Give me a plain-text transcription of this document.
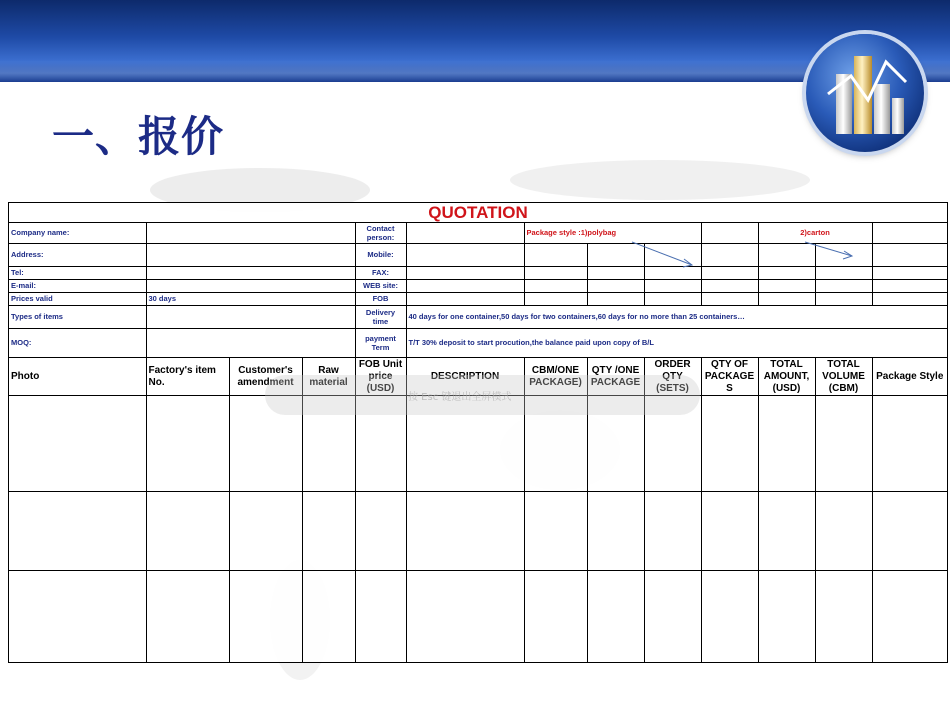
一、报价
QUOTATION
Company name:		Contact person:		Package style :1)polybag				2)carton		
Address:		Mobile:								
Tel:		FAX:								
E-mail:		WEB site:								
Prices valid	30 days	FOB								
Types of items		Delivery time	40 days for one container,50 days for two containers,60 days for no more than 25 containers…							
MOQ:		payment Term	T/T 30% deposit to start procution,the balance paid upon copy of B/L							
Photo	Factory's item No.	Customer's amendment	Raw material	FOB Unit price (USD)	DESCRIPTION	CBM/ONE PACKAGE)	QTY /ONE PACKAGE	ORDER QTY (SETS)	QTY OF PACKAGE S	TOTAL AMOUNT, (USD)	TOTAL VOLUME (CBM)	Package Style

按 Esc 键退出全屏模式
